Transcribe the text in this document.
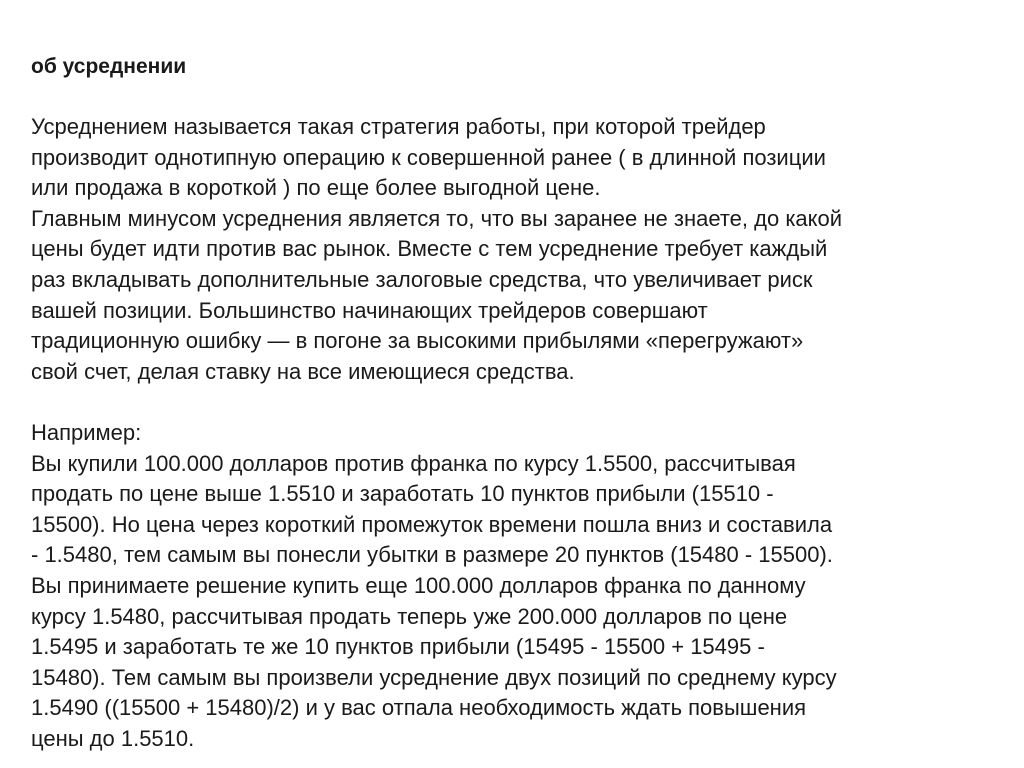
об усреднении
Усреднением называется такая стратегия работы, при которой трейдер
производит однотипную операцию к совершенной ранее ( в длинной позиции
или продажа в короткой ) по еще более выгодной цене.
Главным минусом усреднения является то, что вы заранее не знаете, до какой
цены будет идти против вас рынок. Вместе с тем усреднение требует каждый
раз вкладывать дополнительные залоговые средства, что увеличивает риск
вашей позиции. Большинство начинающих трейдеров совершают
традиционную ошибку — в погоне за высокими прибылями «перегружают»
свой счет, делая ставку на все имеющиеся средства.
Например:
Вы купили 100.000 долларов против франка по курсу 1.5500, рассчитывая
продать по цене выше 1.5510 и заработать 10 пунктов прибыли (15510 -
15500). Но цена через короткий промежуток времени пошла вниз и составила
- 1.5480, тем самым вы понесли убытки в размере 20 пунктов (15480 - 15500).
Вы принимаете решение купить еще 100.000 долларов франка по данному
курсу 1.5480, рассчитывая продать теперь уже 200.000 долларов по цене
1.5495 и заработать те же 10 пунктов прибыли (15495 - 15500 + 15495 -
15480). Тем самым вы произвели усреднение двух позиций по среднему курсу
1.5490 ((15500 + 15480)/2) и у вас отпала необходимость ждать повышения
цены до 1.5510.
